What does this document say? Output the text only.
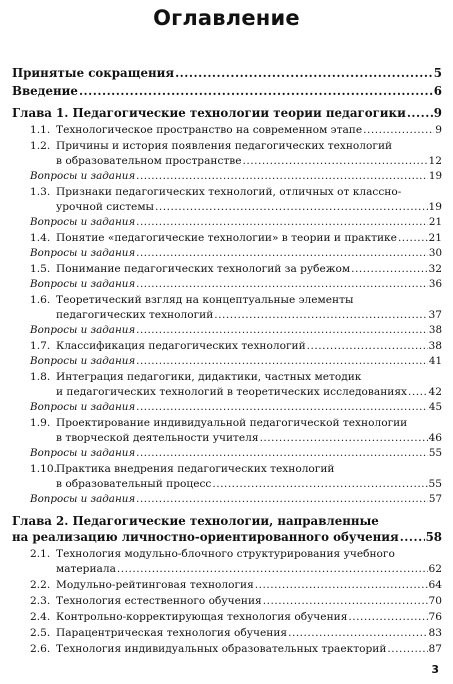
Оглавление
Принятые сокращения .....	5
Введение .....	6
Глава 1. Педагогические технологии теории педагогики ..... 9
1.1. Технологическое пространство на современном этапе .....	9
1.2. Причины и история появления педагогических технологий
в образовательном пространстве .....	12
Вопросы и задания .....	19
1.3. Признаки педагогических технологий, отличных от классно-
урочной системы .....	19
Вопросы и задания .....	21
1.4. Понятие «педагогические технологии» в теории и практике .....	21
Вопросы и задания .....	30
1.5. Понимание педагогических технологий за рубежом .....	32
Вопросы и задания .....	36
1.6. Теоретический взгляд на концептуальные элементы
педагогических технологий .....	37
Вопросы и задания .....	38
1.7. Классификация педагогических технологий .....	38
Вопросы и задания .....	41
1.8. Интеграция педагогики, дидактики, частных методик
и педагогических технологий в теоретических исследованиях ..... 42
Вопросы и задания .....	45
1.9. Проектирование индивидуальной педагогической технологии
в творческой деятельности учителя .....	46
Вопросы и задания .....	55
1.10.Практика внедрения педагогических технологий
в образовательный процесс .....	55
Вопросы и задания .....	57
Глава 2. Педагогические технологии, направленные
на реализацию личностно-ориентированного обучения ..... 58
2.1. Технология модульно-блочного структурирования учебного
материала .....	62
2.2. Модульно-рейтинговая технология .....	64
2.3. Технология естественного обучения .....	70
2.4. Контрольно-корректирующая технология обучения .....	76
2.5. Парацентрическая технология обучения .....	83
2.6. Технология индивидуальных образовательных траекторий .....	87
3
